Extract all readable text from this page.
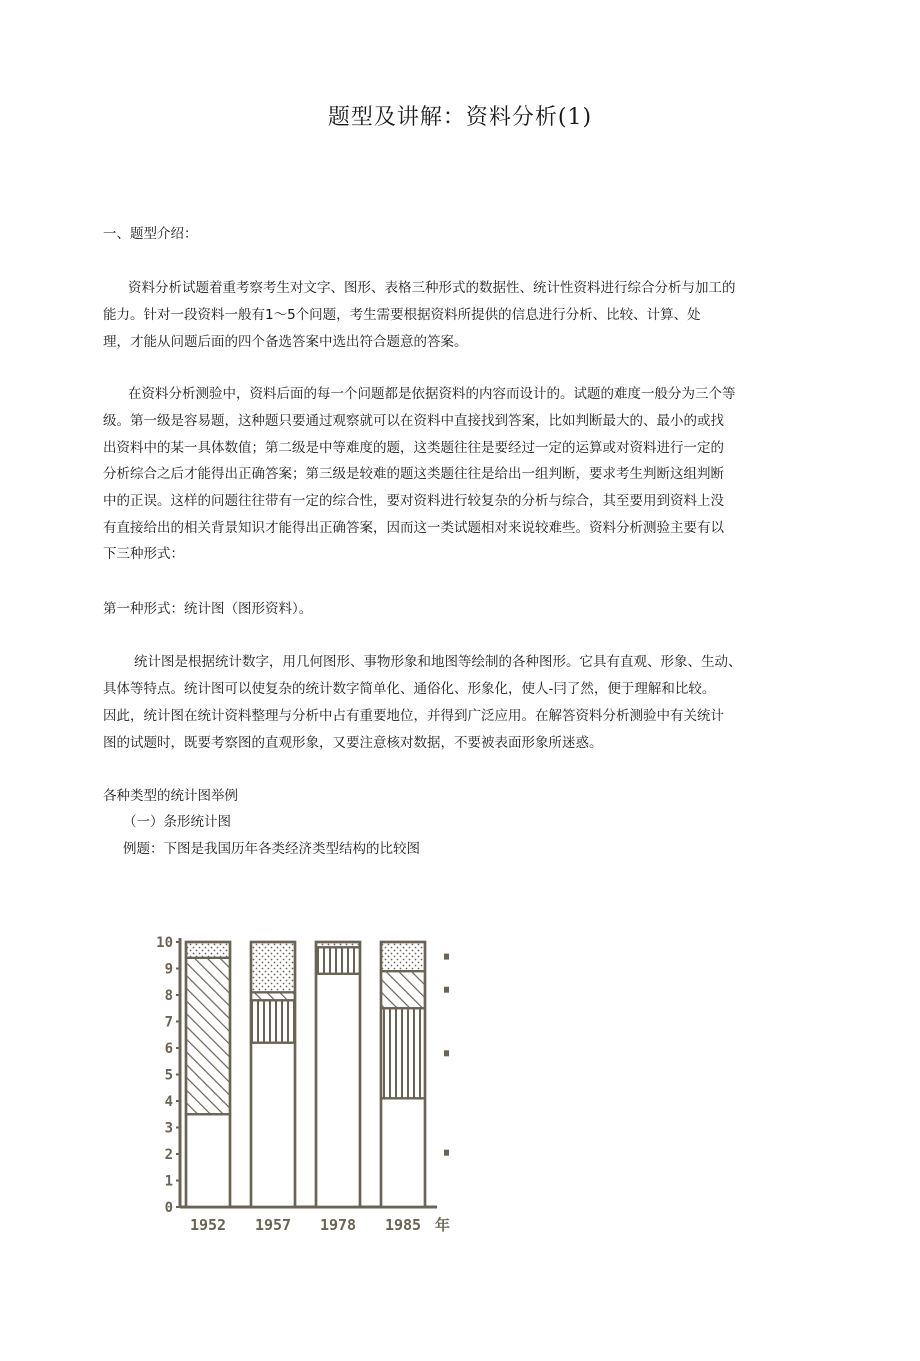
题型及讲解：资料分析(1)
一、题型介绍：
资料分析试题着重考察考生对文字、图形、表格三种形式的数据性、统计性资料进行综合分析与加工的
能力。针对一段资料一般有1～5个问题，考生需要根据资料所提供的信息进行分析、比较、计算、处
理，才能从问题后面的四个备选答案中选出符合题意的答案。
在资料分析测验中，资料后面的每一个问题都是依据资料的内容而设计的。试题的难度一般分为三个等
级。第一级是容易题，这种题只要通过观察就可以在资料中直接找到答案，比如判断最大的、最小的或找
出资料中的某一具体数值；第二级是中等难度的题，这类题往往是要经过一定的运算或对资料进行一定的
分析综合之后才能得出正确答案；第三级是较难的题这类题往往是给出一组判断，要求考生判断这组判断
中的正误。这样的问题往往带有一定的综合性，要对资料进行较复杂的分析与综合，其至要用到资料上没
有直接给出的相关背景知识才能得出正确答案，因而这一类试题相对来说较难些。资料分析测验主要有以
下三种形式：
第一种形式：统计图（图形资料）。
统计图是根据统计数字，用几何图形、事物形象和地图等绘制的各种图形。它具有直观、形象、生动、
具体等特点。统计图可以使复杂的统计数字简单化、通俗化、形象化，使人-冃了然，便于理解和比较。
因此，统计图在统计资料整理与分析中占有重要地位，并得到广泛应用。在解答资料分析测验中有关统计
图的试题时，既要考察图的直观形象，又要注意核对数据，不要被表面形象所迷惑。
各种类型的统计图举例
（一）条形统计图
例题：下图是我国历年各类经济类型结构的比较图
0
1
2
3
4
5
6
7
8
9
10
1952 1957 1978 1985 年
